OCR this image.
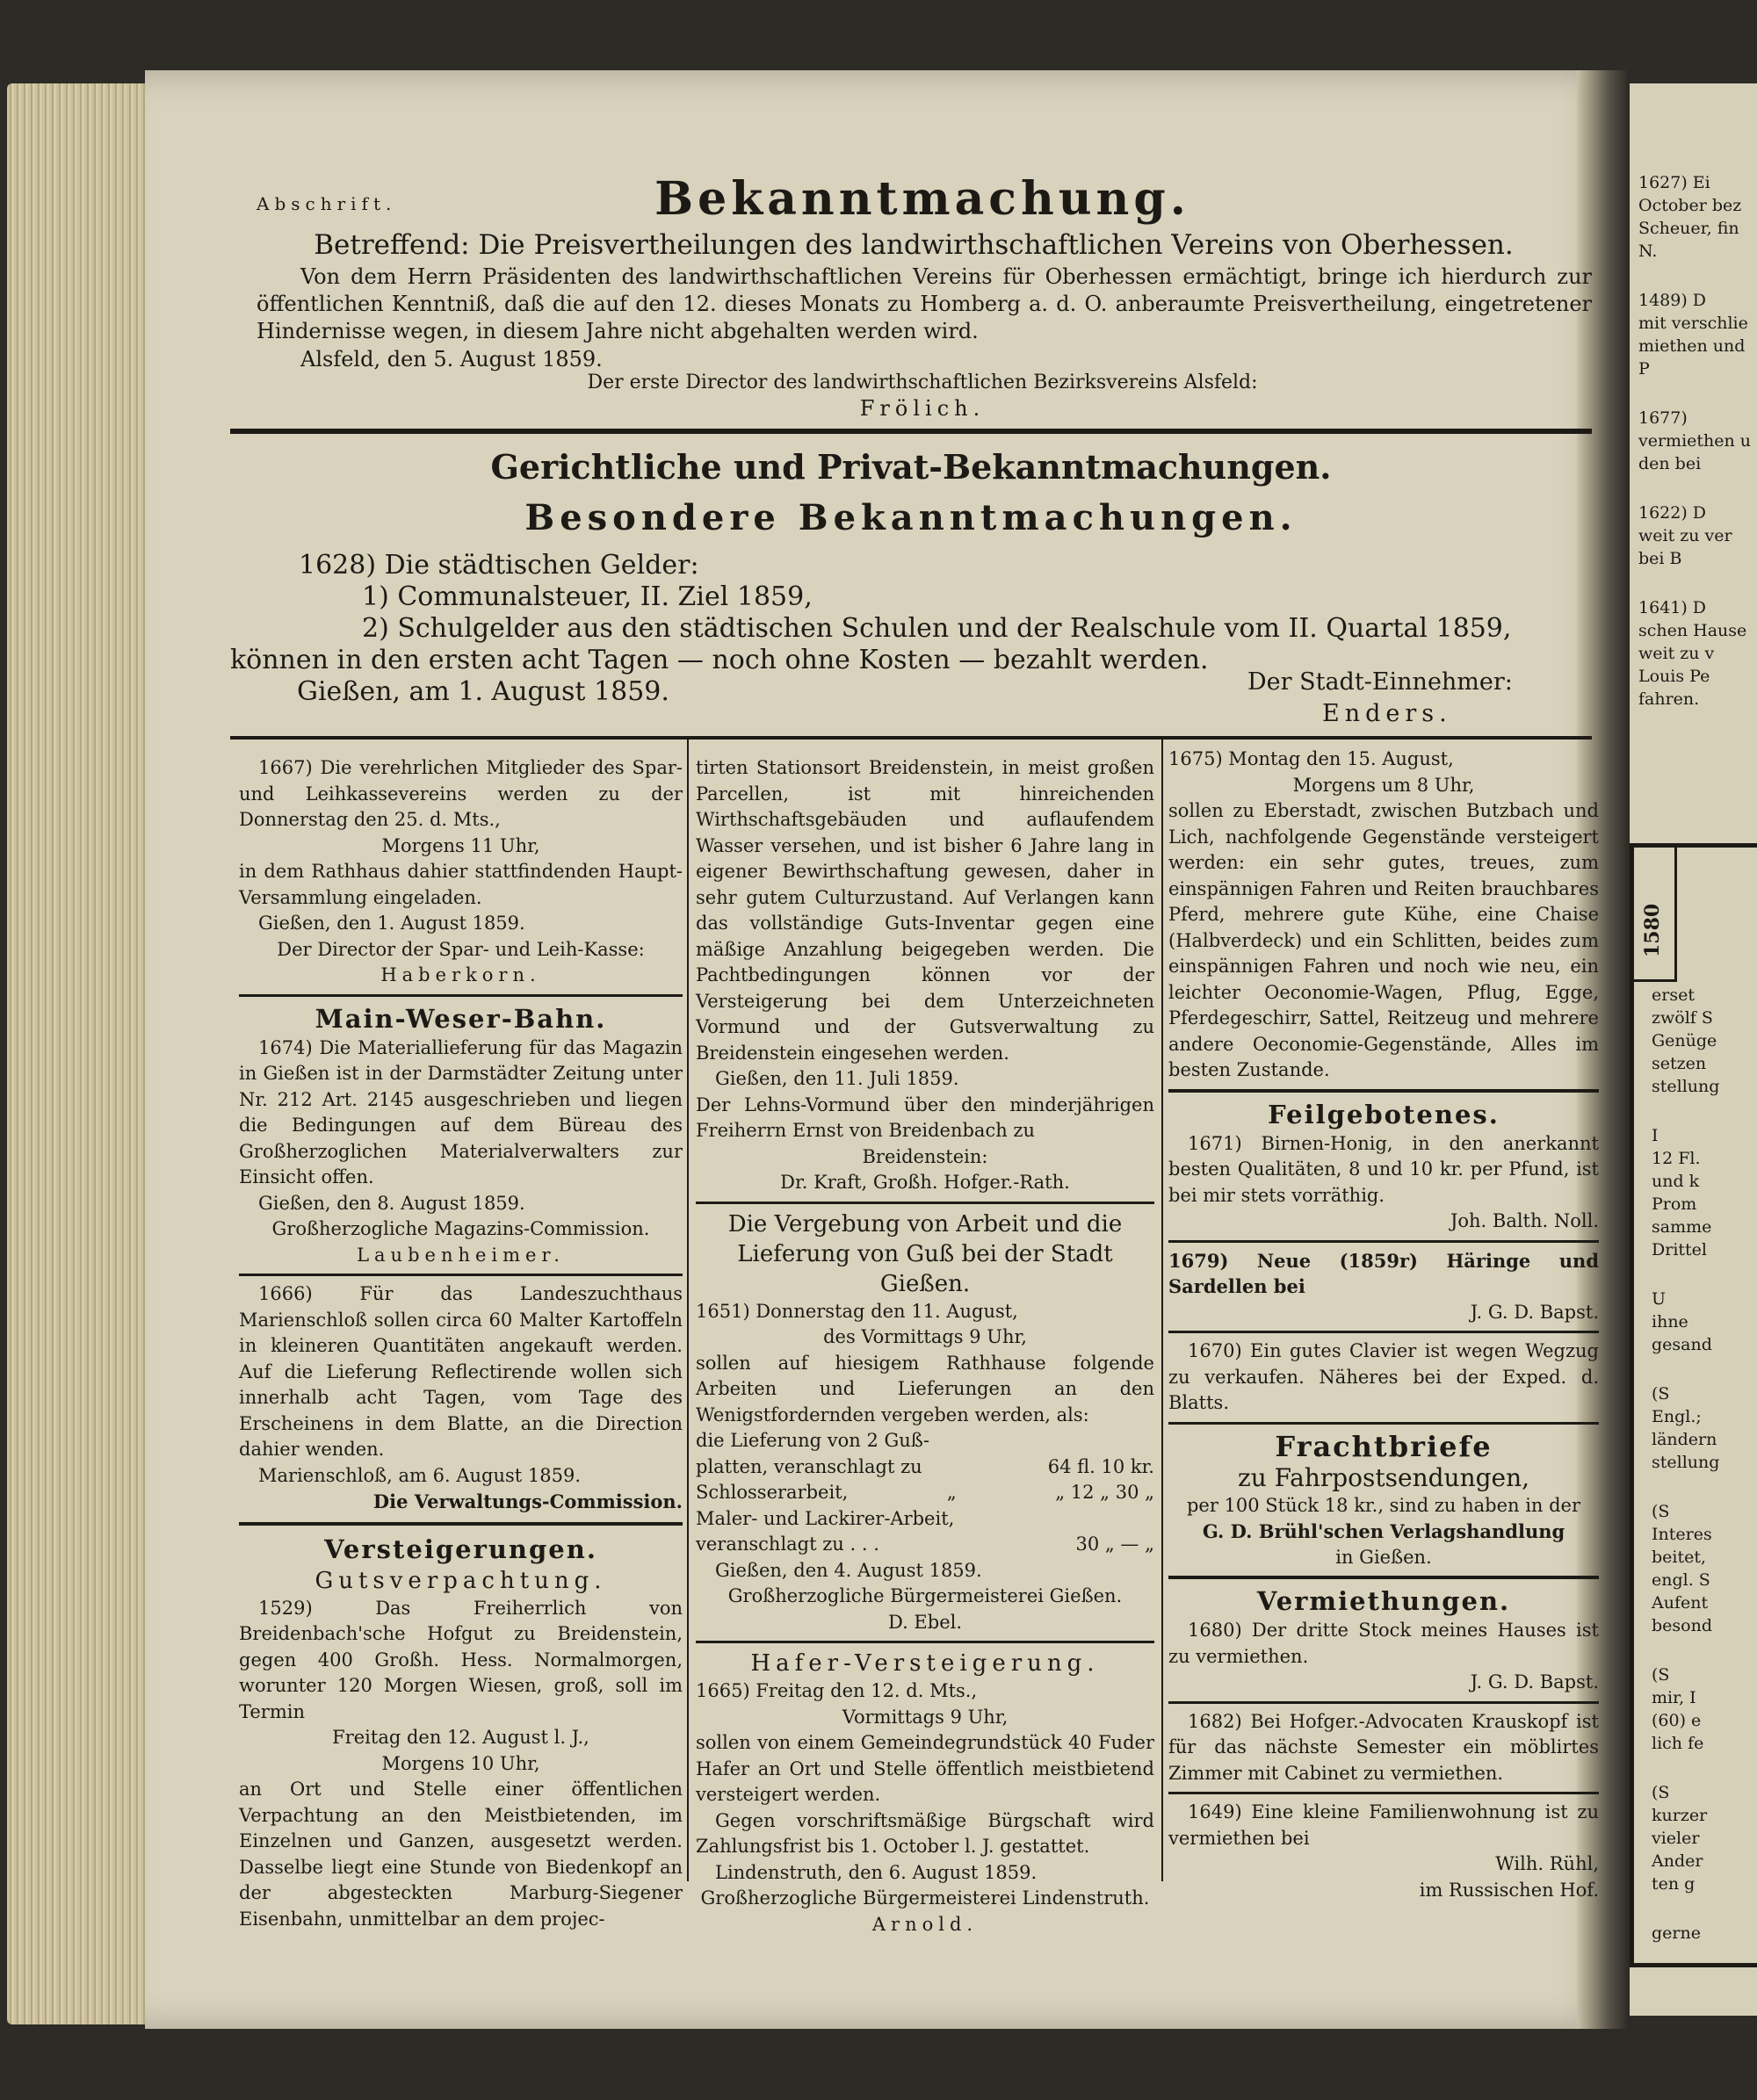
Abschrift.	Bekanntmachung.
Betreffend: Die Preisvertheilungen des landwirthschaftlichen Vereins von Oberhessen.
Von dem Herrn Präsidenten des landwirthschaftlichen Vereins für Oberhessen ermächtigt, bringe ich hierdurch zur öffentlichen Kenntniß, daß die auf den 12. dieses Monats zu Homberg a. d. O. anberaumte Preisvertheilung, eingetretener Hindernisse wegen, in diesem Jahre nicht abgehalten werden wird.
Alsfeld, den 5. August 1859.
Der erste Director des landwirthschaftlichen Bezirksvereins Alsfeld:
Frölich.
Gerichtliche und Privat-Bekanntmachungen.
Besondere Bekanntmachungen.
1628) Die städtischen Gelder:
1) Communalsteuer, II. Ziel 1859,
2) Schulgelder aus den städtischen Schulen und der Realschule vom II. Quartal 1859,
können in den ersten acht Tagen — noch ohne Kosten — bezahlt werden.
Gießen, am 1. August 1859.	Der Stadt-Einnehmer:
Enders.

1667) Die verehrlichen Mitglieder des Spar- und Leihkassevereins werden zu der Donnerstag den 25. d. Mts.,

Morgens 11 Uhr,

in dem Rathhaus dahier stattfindenden Haupt-Versammlung eingeladen.

Gießen, den 1. August 1859.

Der Director der Spar- und Leih-Kasse:

Haberkorn.

Main-Weser-Bahn.

1674) Die Materiallieferung für das Magazin in Gießen ist in der Darmstädter Zeitung unter Nr. 212 Art. 2145 ausgeschrieben und liegen die Bedingungen auf dem Büreau des Großherzoglichen Materialverwalters zur Einsicht offen.

Gießen, den 8. August 1859.

Großherzogliche Magazins-Commission.

Laubenheimer.

1666) Für das Landeszuchthaus Marienschloß sollen circa 60 Malter Kartoffeln in kleineren Quantitäten angekauft werden. Auf die Lieferung Reflectirende wollen sich innerhalb acht Tagen, vom Tage des Erscheinens in dem Blatte, an die Direction dahier wenden.

Marienschloß, am 6. August 1859.

Die Verwaltungs-Commission.

Versteigerungen.

Gutsverpachtung.

1529) Das Freiherrlich von Breidenbach'sche Hofgut zu Breidenstein, gegen 400 Großh. Hess. Normalmorgen, worunter 120 Morgen Wiesen, groß, soll im Termin

Freitag den 12. August l. J.,

Morgens 10 Uhr,

an Ort und Stelle einer öffentlichen Verpachtung an den Meistbietenden, im Einzelnen und Ganzen, ausgesetzt werden. Dasselbe liegt eine Stunde von Biedenkopf an der abgesteckten Marburg-Siegener Eisenbahn, unmittelbar an dem projec-

tirten Stationsort Breidenstein, in meist großen Parcellen, ist mit hinreichenden Wirthschaftsgebäuden und auflaufendem Wasser versehen, und ist bisher 6 Jahre lang in eigener Bewirthschaftung gewesen, daher in sehr gutem Culturzustand. Auf Verlangen kann das vollständige Guts-Inventar gegen eine mäßige Anzahlung beigegeben werden. Die Pachtbedingungen können vor der Versteigerung bei dem Unterzeichneten Vormund und der Gutsverwaltung zu Breidenstein eingesehen werden.

Gießen, den 11. Juli 1859.

Der Lehns-Vormund über den minderjährigen Freiherrn Ernst von Breidenbach zu

Breidenstein:

Dr. Kraft, Großh. Hofger.-Rath.

Die Vergebung von Arbeit und die Lieferung von Guß bei der Stadt Gießen.

1651) Donnerstag den 11. August,

des Vormittags 9 Uhr,

sollen auf hiesigem Rathhause folgende Arbeiten und Lieferungen an den Wenigstfordernden vergeben werden, als:

die Lieferung von 2 Guß-
platten, veranschlagt zu	64 fl. 10 kr.
Schlosserarbeit,	„	„ 12 „ 30 „
Maler- und Lackirer-Arbeit,
veranschlagt zu . . .	30 „ — „

Gießen, den 4. August 1859.

Großherzogliche Bürgermeisterei Gießen.

D. Ebel.

Hafer-Versteigerung.

1665) Freitag den 12. d. Mts.,

Vormittags 9 Uhr,

sollen von einem Gemeindegrundstück 40 Fuder Hafer an Ort und Stelle öffentlich meistbietend versteigert werden.

Gegen vorschriftsmäßige Bürgschaft wird Zahlungsfrist bis 1. October l. J. gestattet.

Lindenstruth, den 6. August 1859.

Großherzogliche Bürgermeisterei Lindenstruth.

Arnold.

1675) Montag den 15. August,

Morgens um 8 Uhr,

sollen zu Eberstadt, zwischen Butzbach und Lich, nachfolgende Gegenstände versteigert werden: ein sehr gutes, treues, zum einspännigen Fahren und Reiten brauchbares Pferd, mehrere gute Kühe, eine Chaise (Halbverdeck) und ein Schlitten, beides zum einspännigen Fahren und noch wie neu, ein leichter Oeconomie-Wagen, Pflug, Egge, Pferdegeschirr, Sattel, Reitzeug und mehrere andere Oeconomie-Gegenstände, Alles im besten Zustande.

Feilgebotenes.

1671) Birnen-Honig, in den anerkannt besten Qualitäten, 8 und 10 kr. per Pfund, ist bei mir stets vorräthig.

Joh. Balth. Noll.

1679) Neue (1859r) Häringe und Sardellen bei

J. G. D. Bapst.

1670) Ein gutes Clavier ist wegen Wegzug zu verkaufen. Näheres bei der Exped. d. Blatts.

Frachtbriefe

zu Fahrpostsendungen,

per 100 Stück 18 kr., sind zu haben in der

G. D. Brühl'schen Verlagshandlung

in Gießen.

Vermiethungen.

1680) Der dritte Stock meines Hauses ist zu vermiethen.

J. G. D. Bapst.

1682) Bei Hofger.-Advocaten Krauskopf ist für das nächste Semester ein möblirtes Zimmer mit Cabinet zu vermiethen.

1649) Eine kleine Familienwohnung ist zu vermiethen bei

Wilh. Rühl,

im Russischen Hof.

1627) Ei

October bez

Scheuer, fin

N.

1489) D

mit verschlie

miethen und

P

1677)

vermiethen u

den bei

1622) D

weit zu ver

bei B

1641) D

schen Hause

weit zu v

Louis Pe

fahren.

1580

erset

zwölf S

Genüge

setzen

stellung

I

12 Fl.

und k

Prom

samme

Drittel

U

ihne

gesand

(S

Engl.;

ländern

stellung

(S

Interes

beitet,

engl. S

Aufent

besond

(S

mir, I

(60) e

lich fe

(S

kurzer

vieler

Ander

ten g

gerne
